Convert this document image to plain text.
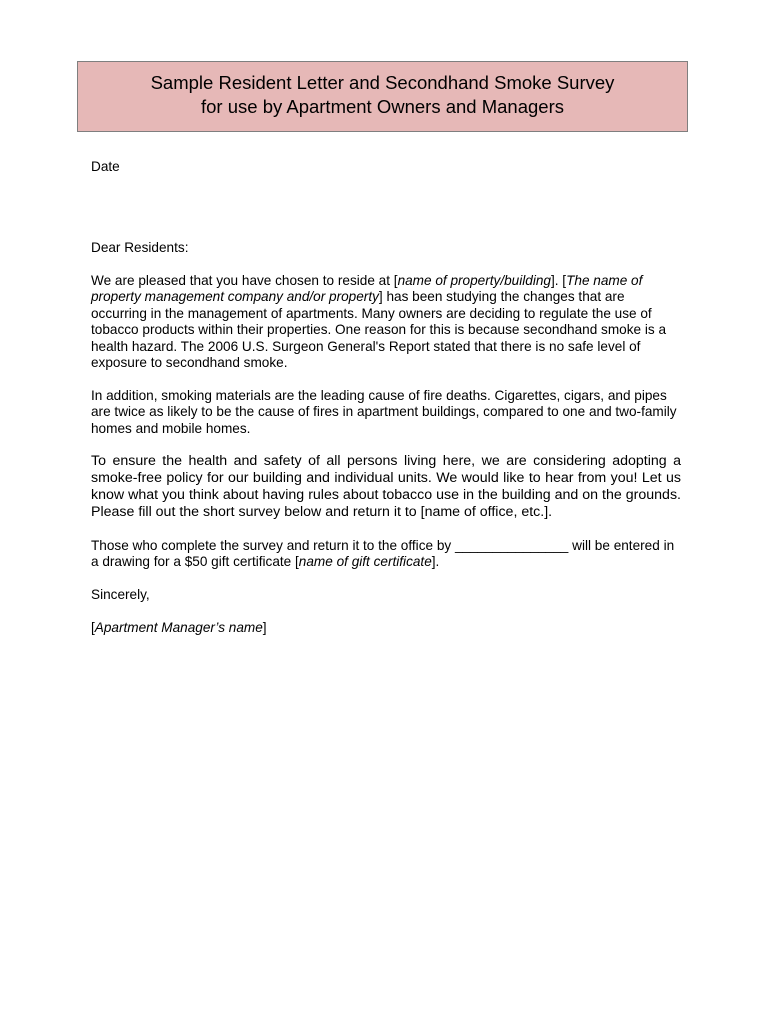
Sample Resident Letter and Secondhand Smoke Survey
for use by Apartment Owners and Managers

Date

Dear Residents:

We are pleased that you have chosen to reside at [name of property/building]. [The name of property management company and/or property] has been studying the changes that are occurring in the management of apartments. Many owners are deciding to regulate the use of tobacco products within their properties. One reason for this is because secondhand smoke is a health hazard. The 2006 U.S. Surgeon General's Report stated that there is no safe level of exposure to secondhand smoke.

In addition, smoking materials are the leading cause of fire deaths. Cigarettes, cigars, and pipes are twice as likely to be the cause of fires in apartment buildings, compared to one and two-family homes and mobile homes.

To ensure the health and safety of all persons living here, we are considering adopting a smoke-free policy for our building and individual units. We would like to hear from you! Let us know what you think about having rules about tobacco use in the building and on the grounds. Please fill out the short survey below and return it to [name of office, etc.].

Those who complete the survey and return it to the office by _______________ will be entered in a drawing for a $50 gift certificate [name of gift certificate].

Sincerely,

[Apartment Manager’s name]
